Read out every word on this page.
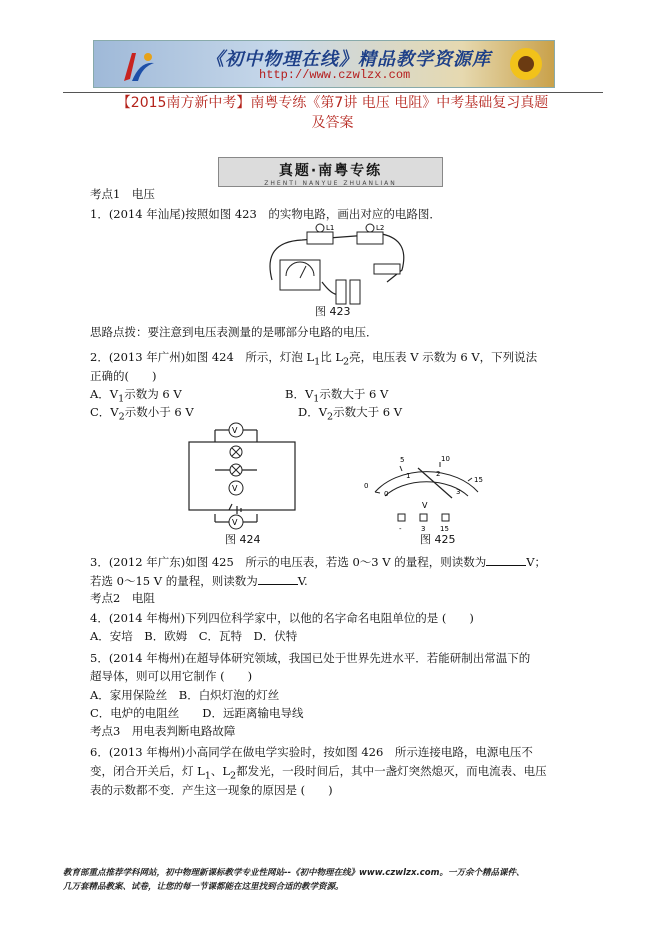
《初中物理在线》精品教学资源库
http://www.czwlzx.com
【2015南方新中考】南粤专练《第7讲 电压 电阻》中考基础复习真题
及答案
真题·南粤专练
ZHENTI NANYUE ZHUANLIAN
考点1　电压
1．(2014 年汕尾)按照如图 423　的实物电路，画出对应的电路图．
L1	L2
图 423
思路点拨：要注意到电压表测量的是哪部分电路的电压．
2．(2013 年广州)如图 424　所示，灯泡 $L_1$比 $L_2$亮，电压表 V 示数为 6 V，下列说法
正确的(　　)
A．$V_1$示数为 6 V	B．$V_1$示数大于 6 V
C．$V_2$示数小于 6 V	D．$V_2$示数大于 6 V
V
V
V
图 424
0
5	10
15
0
1	2
3
V
-	3 15
图 425
3．(2012 年广东)如图 425　所示的电压表，若选 0～3 V 的量程，则读数为	V；
若选 0～15 V 的量程，则读数为	V.
考点2　电阻
4．(2014 年梅州)下列四位科学家中，以他的名字命名电阻单位的是 (　　)
A．安培　B．欧姆　C．瓦特　D．伏特
5．(2014 年梅州)在超导体研究领域，我国已处于世界先进水平．若能研制出常温下的
超导体，则可以用它制作 (　　)
A．家用保险丝　B．白炽灯泡的灯丝
C．电炉的电阻丝　　D．远距离输电导线
考点3　用电表判断电路故障
6．(2013 年梅州)小高同学在做电学实验时，按如图 426　所示连接电路，电源电压不
变，闭合开关后，灯 $L_1$、$L_2$都发光，一段时间后，其中一盏灯突然熄灭，而电流表、电压
表的示数都不变．产生这一现象的原因是 (　　)
教育部重点推荐学科网站，初中物理新课标教学专业性网站--《初中物理在线》www.czwlzx.com。一万余个精品课件、
几万套精品教案、试卷，让您的每一节课都能在这里找到合适的教学资源。
